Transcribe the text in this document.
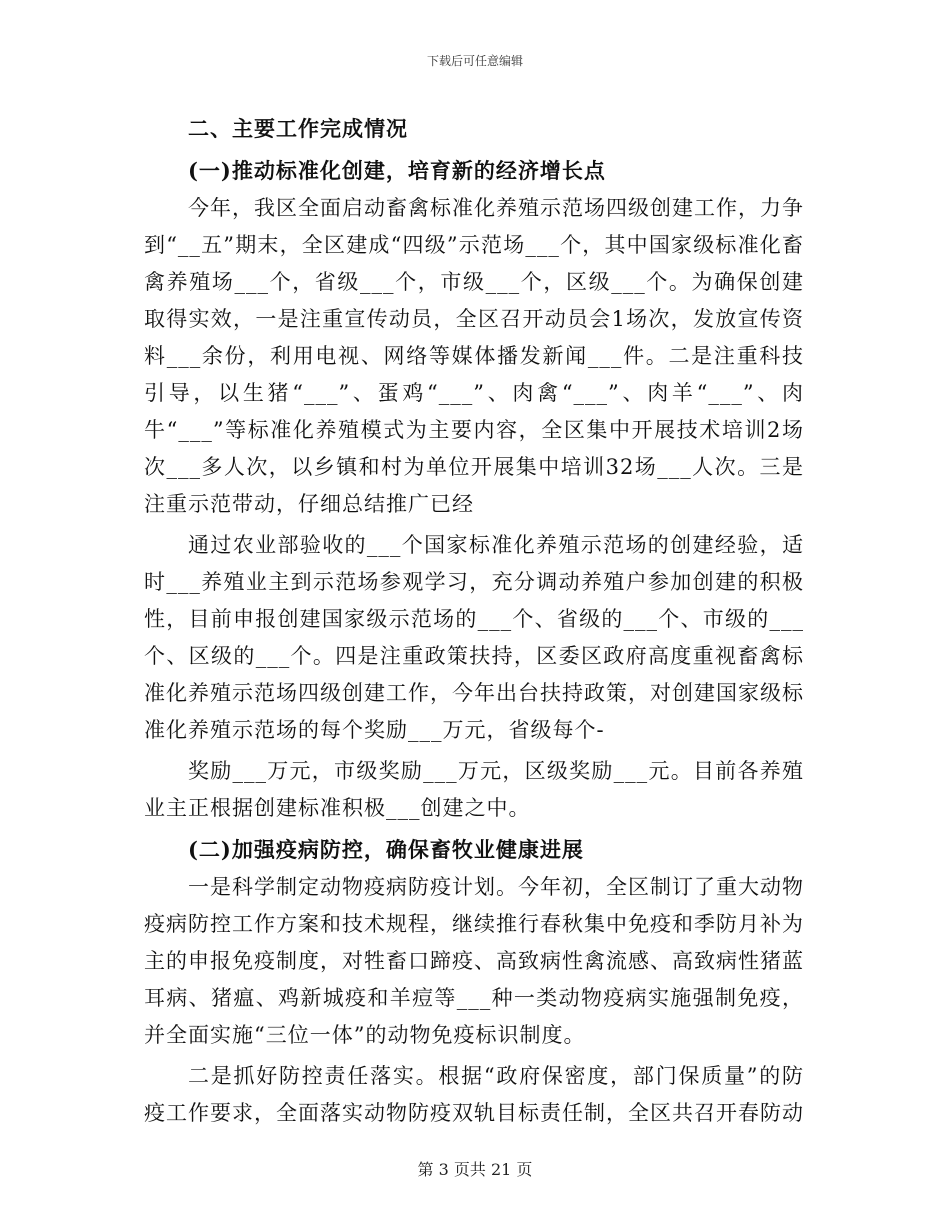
下载后可任意编辑
二、主要工作完成情况
(一)推动标准化创建，培育新的经济增长点

今年，我区全面启动畜禽标准化养殖示范场四级创建工作，力争到“__五”期末，全区建成“四级”示范场___个，其中国家级标准化畜禽养殖场___个，省级___个，市级___个，区级___个。为确保创建取得实效，一是注重宣传动员，全区召开动员会1场次，发放宣传资料___余份，利用电视、网络等媒体播发新闻___件。二是注重科技引导，以生猪“___”、蛋鸡“___”、肉禽“___”、肉羊“___”、肉牛“___”等标准化养殖模式为主要内容，全区集中开展技术培训2场次___多人次，以乡镇和村为单位开展集中培训32场___人次。三是注重示范带动，仔细总结推广已经

通过农业部验收的___个国家标准化养殖示范场的创建经验，适时___养殖业主到示范场参观学习，充分调动养殖户参加创建的积极性，目前申报创建国家级示范场的___个、省级的___个、市级的___个、区级的___个。四是注重政策扶持，区委区政府高度重视畜禽标准化养殖示范场四级创建工作，今年出台扶持政策，对创建国家级标准化养殖示范场的每个奖励___万元，省级每个-

奖励___万元，市级奖励___万元，区级奖励___元。目前各养殖业主正根据创建标准积极___创建之中。

(二)加强疫病防控，确保畜牧业健康进展

一是科学制定动物疫病防疫计划。今年初，全区制订了重大动物疫病防控工作方案和技术规程，继续推行春秋集中免疫和季防月补为主的申报免疫制度，对牲畜口蹄疫、高致病性禽流感、高致病性猪蓝耳病、猪瘟、鸡新城疫和羊痘等___种一类动物疫病实施强制免疫，并全面实施“三位一体”的动物免疫标识制度。

二是抓好防控责任落实。根据“政府保密度，部门保质量”的防疫工作要求，全面落实动物防疫双轨目标责任制，全区共召开春防动

第 3 页共 21 页
